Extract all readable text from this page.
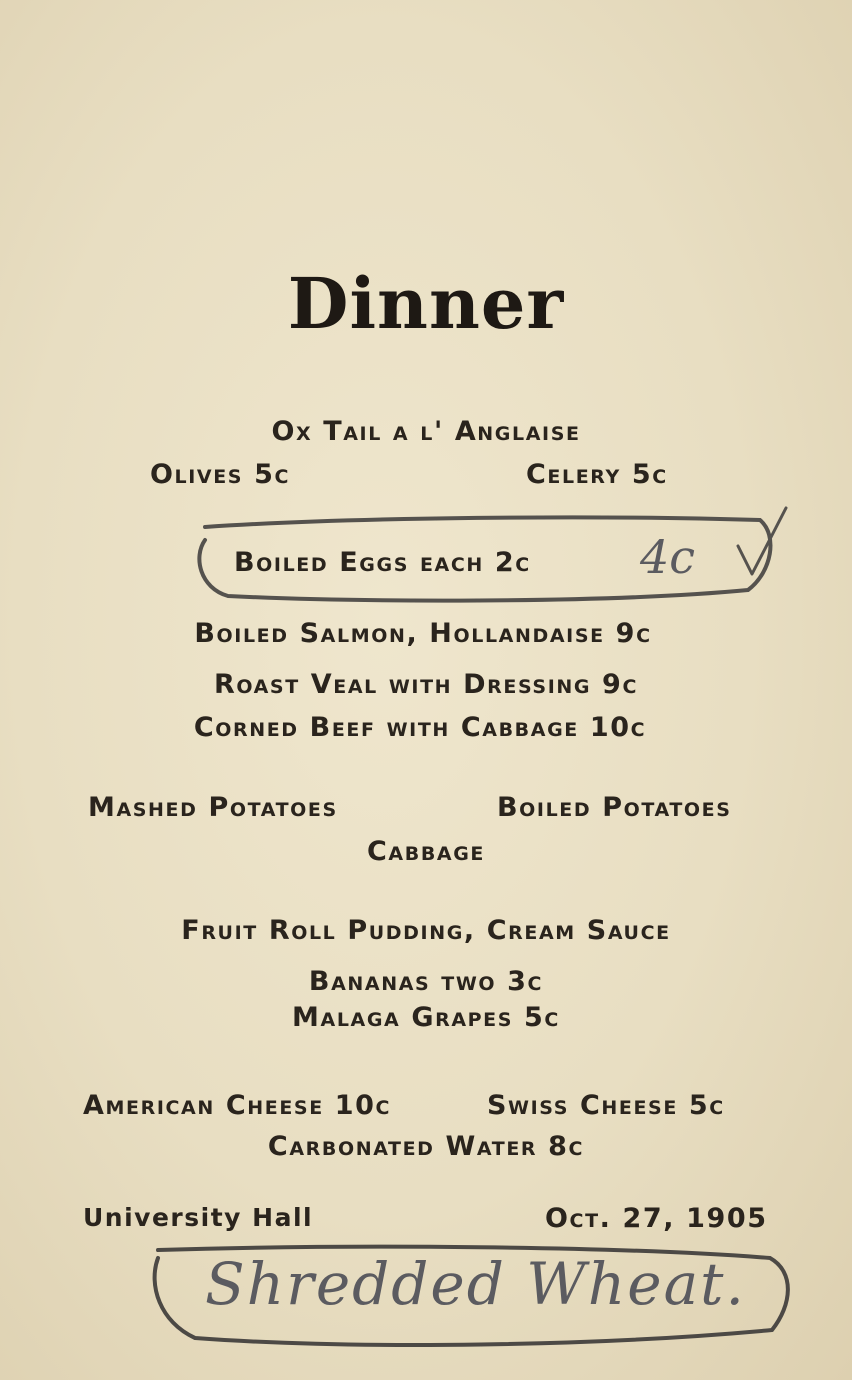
Dinner
Ox Tail a l' Anglaise
Olives 5c	Celery 5c
Boiled Eggs each 2c 4c
Boiled Salmon, Hollandaise 9c
Roast Veal with Dressing 9c
Corned Beef with Cabbage 10c
Mashed Potatoes	Boiled Potatoes
Cabbage
Fruit Roll Pudding, Cream Sauce
Bananas two 3c
Malaga Grapes 5c
American Cheese 10c	Swiss Cheese 5c
Carbonated Water 8c
University Hall	Oct. 27, 1905
Shredded Wheat.
